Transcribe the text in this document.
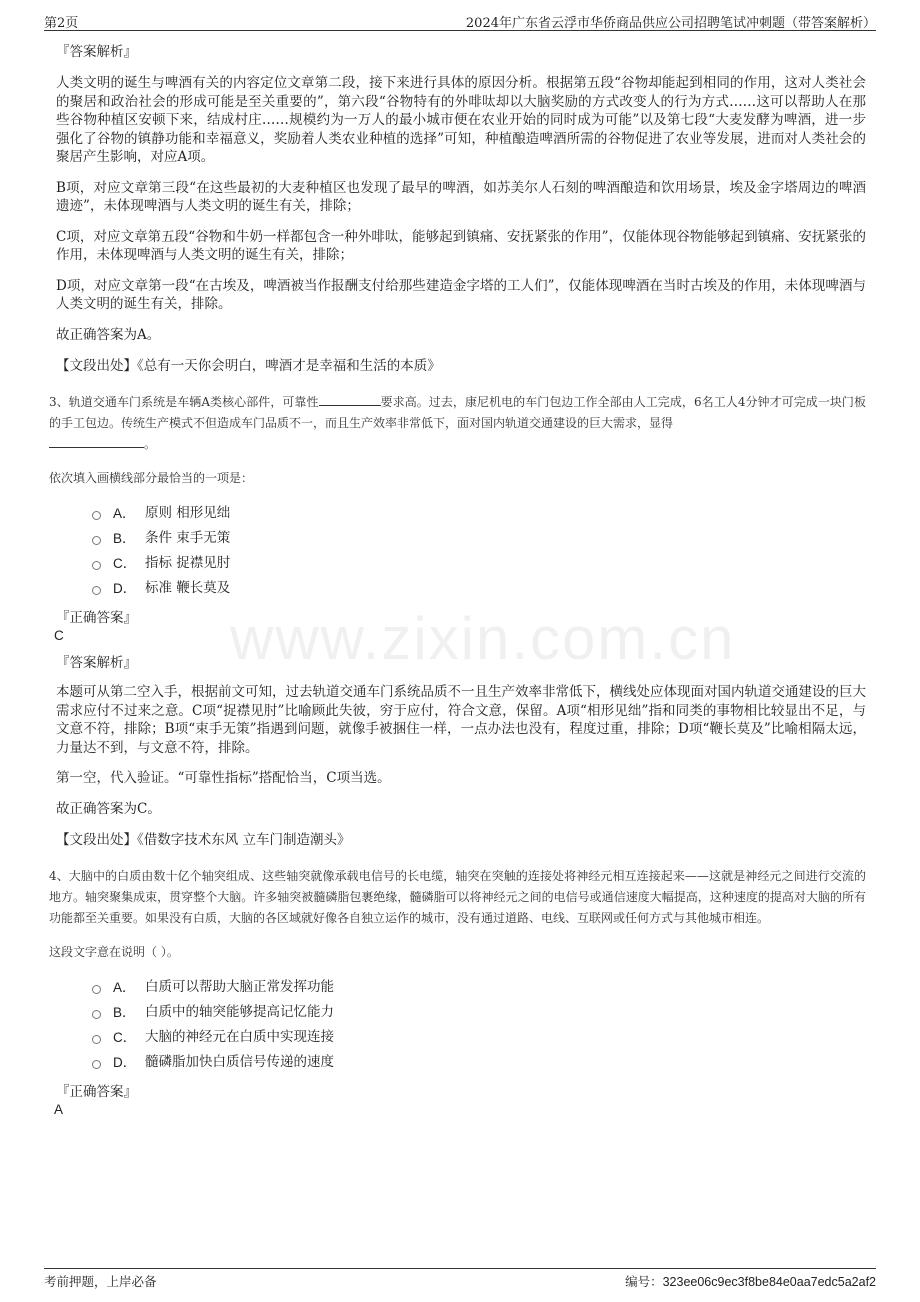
第2页	2024年广东省云浮市华侨商品供应公司招聘笔试冲刺题（带答案解析）
www.zixin.com.cn
『答案解析』

人类文明的诞生与啤酒有关的内容定位文章第二段，接下来进行具体的原因分析。根据第五段“谷物却能起到相同的作用，这对人类社会的聚居和政治社会的形成可能是至关重要的”，第六段“谷物特有的外啡呔却以大脑奖励的方式改变人的行为方式……这可以帮助人在那些谷物种植区安顿下来，结成村庄……规模约为一万人的最小城市便在农业开始的同时成为可能”以及第七段“大麦发酵为啤酒，进一步强化了谷物的镇静功能和幸福意义，奖励着人类农业种植的选择”可知，种植酿造啤酒所需的谷物促进了农业等发展，进而对人类社会的聚居产生影响，对应A项。

B项，对应文章第三段“在这些最初的大麦种植区也发现了最早的啤酒，如苏美尔人石刻的啤酒酿造和饮用场景，埃及金字塔周边的啤酒遗迹”，未体现啤酒与人类文明的诞生有关，排除；

C项，对应文章第五段“谷物和牛奶一样都包含一种外啡呔，能够起到镇痛、安抚紧张的作用”，仅能体现谷物能够起到镇痛、安抚紧张的作用，未体现啤酒与人类文明的诞生有关，排除；

D项，对应文章第一段“在古埃及，啤酒被当作报酬支付给那些建造金字塔的工人们”，仅能体现啤酒在当时古埃及的作用，未体现啤酒与人类文明的诞生有关，排除。

故正确答案为A。

【文段出处】《总有一天你会明白，啤酒才是幸福和生活的本质》
3、轨道交通车门系统是车辆A类核心部件，可靠性	要求高。过去，康尼机电的车门包边工作全部由人工完成，6名工人4分钟才可完成一块门板的手工包边。传统生产模式不但造成车门品质不一，而且生产效率非常低下，面对国内轨道交通建设的巨大需求，显得
。
依次填入画横线部分最恰当的一项是：
A． 原则 相形见绌
B． 条件 束手无策
C． 指标 捉襟见肘
D． 标准 鞭长莫及
『正确答案』
C
『答案解析』

本题可从第二空入手，根据前文可知，过去轨道交通车门系统品质不一且生产效率非常低下，横线处应体现面对国内轨道交通建设的巨大需求应付不过来之意。C项“捉襟见肘”比喻顾此失彼，穷于应付，符合文意，保留。A项“相形见绌”指和同类的事物相比较显出不足，与文意不符，排除；B项“束手无策”指遇到问题，就像手被捆住一样，一点办法也没有，程度过重，排除；D项“鞭长莫及”比喻相隔太远，力量达不到，与文意不符，排除。

第一空，代入验证。“可靠性指标”搭配恰当，C项当选。

故正确答案为C。

【文段出处】《借数字技术东风 立车门制造潮头》
4、大脑中的白质由数十亿个轴突组成、这些轴突就像承载电信号的长电缆，轴突在突触的连接处将神经元相互连接起来——这就是神经元之间进行交流的地方。轴突聚集成束，贯穿整个大脑。许多轴突被髓磷脂包裹绝缘，髓磷脂可以将神经元之间的电信号或通信速度大幅提高，这种速度的提高对大脑的所有功能都至关重要。如果没有白质，大脑的各区域就好像各自独立运作的城市，没有通过道路、电线、互联网或任何方式与其他城市相连。
这段文字意在说明（ ）。
A． 白质可以帮助大脑正常发挥功能
B． 白质中的轴突能够提高记忆能力
C． 大脑的神经元在白质中实现连接
D． 髓磷脂加快白质信号传递的速度
『正确答案』
A
考前押题，上岸必备	编号：323ee06c9ec3f8be84e0aa7edc5a2af2
